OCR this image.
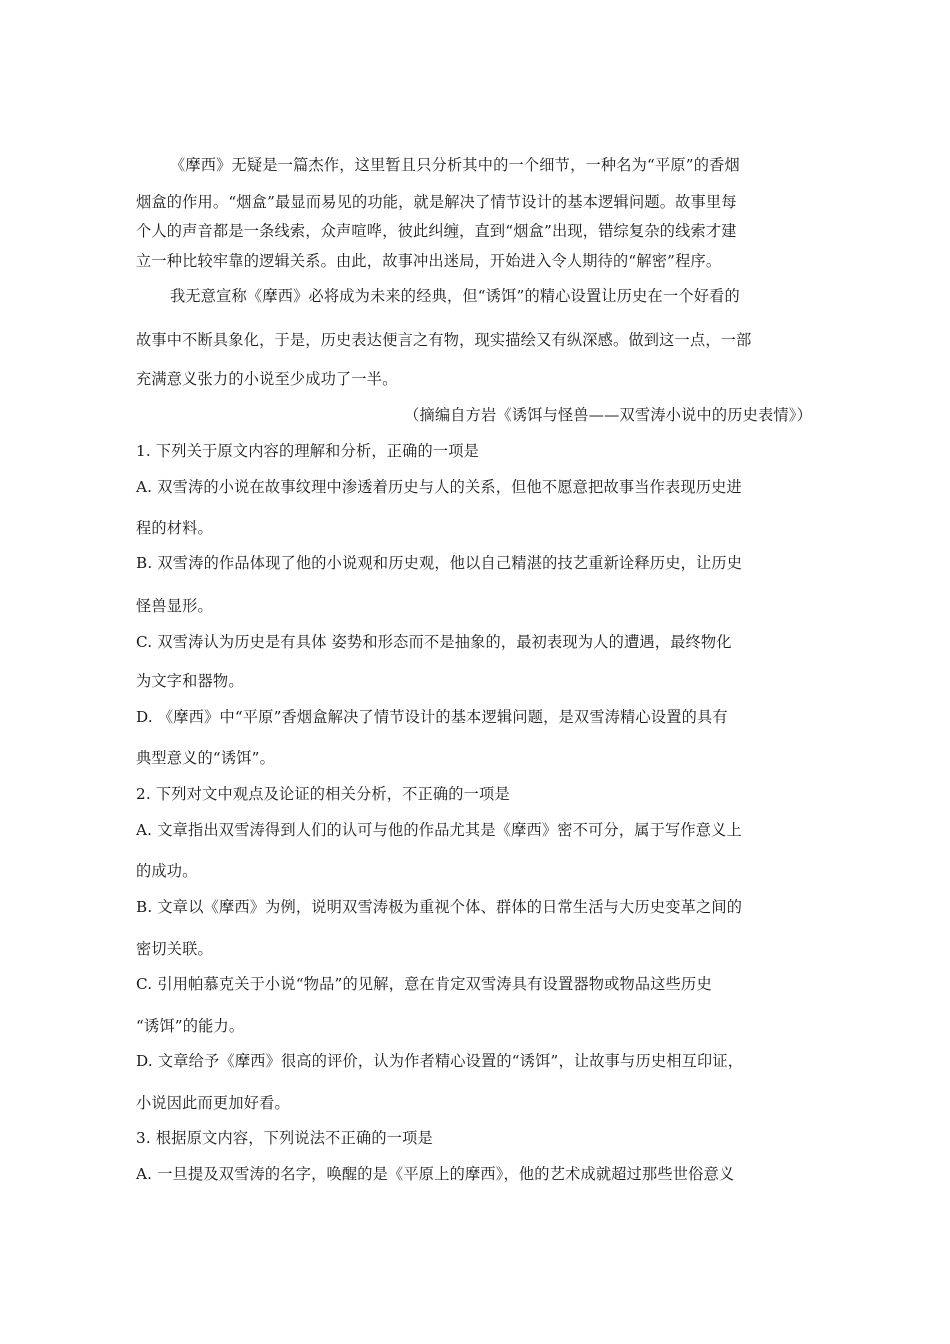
《摩西》无疑是一篇杰作，这里暂且只分析其中的一个细节，一种名为“平原”的香烟
烟盒的作用。“烟盒”最显而易见的功能，就是解决了情节设计的基本逻辑问题。故事里每
个人的声音都是一条线索，众声喧哗，彼此纠缠，直到“烟盒”出现，错综复杂的线索才建
立一种比较牢靠的逻辑关系。由此，故事冲出迷局，开始进入令人期待的“解密”程序。
我无意宣称《摩西》必将成为未来的经典，但“诱饵”的精心设置让历史在一个好看的
故事中不断具象化，于是，历史表达便言之有物，现实描绘又有纵深感。做到这一点，一部
充满意义张力的小说至少成功了一半。
（摘编自方岩《诱饵与怪兽——双雪涛小说中的历史表情》）
1. 下列关于原文内容的理解和分析，正确的一项是
A. 双雪涛的小说在故事纹理中渗透着历史与人的关系，但他不愿意把故事当作表现历史进
程的材料。
B. 双雪涛的作品体现了他的小说观和历史观，他以自己精湛的技艺重新诠释历史，让历史
怪兽显形。
C. 双雪涛认为历史是有具体 姿势和形态而不是抽象的，最初表现为人的遭遇，最终物化
为文字和器物。
D. 《摩西》中“平原”香烟盒解决了情节设计的基本逻辑问题，是双雪涛精心设置的具有
典型意义的“诱饵”。
2. 下列对文中观点及论证的相关分析，不正确的一项是
A. 文章指出双雪涛得到人们的认可与他的作品尤其是《摩西》密不可分，属于写作意义上
的成功。
B. 文章以《摩西》为例，说明双雪涛极为重视个体、群体的日常生活与大历史变革之间的
密切关联。
C. 引用帕慕克关于小说“物品”的见解，意在肯定双雪涛具有设置器物或物品这些历史
“诱饵”的能力。
D. 文章给予《摩西》很高的评价，认为作者精心设置的“诱饵”，让故事与历史相互印证，
小说因此而更加好看。
3. 根据原文内容，下列说法不正确的一项是
A. 一旦提及双雪涛的名字，唤醒的是《平原上的摩西》，他的艺术成就超过那些世俗意义
